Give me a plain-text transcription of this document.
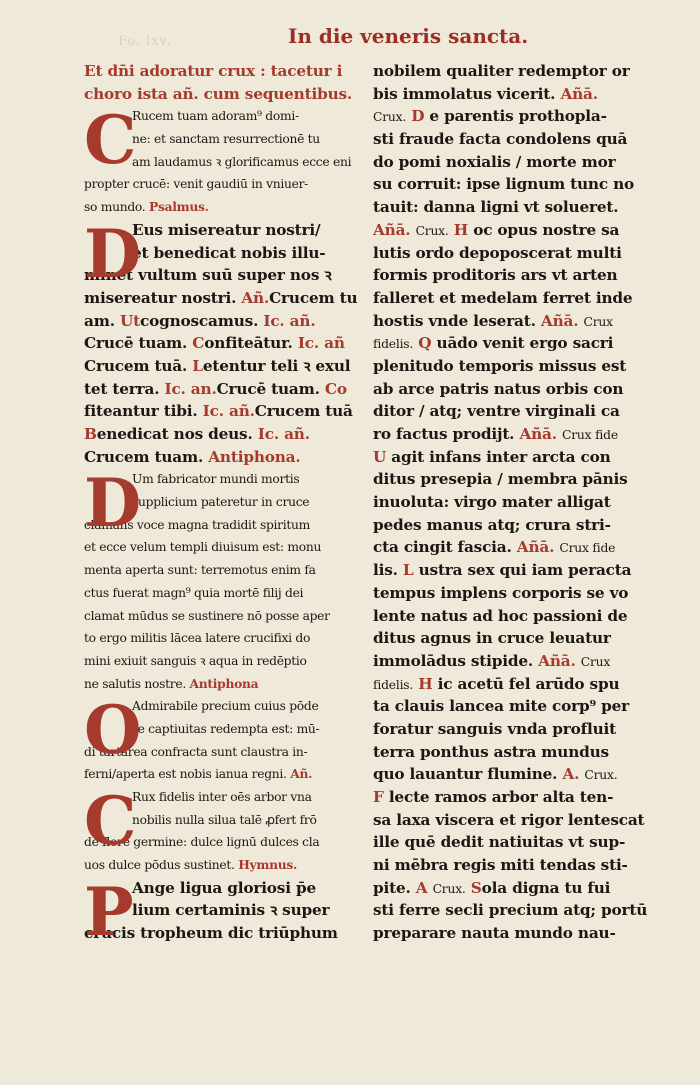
Fo. lxv.	In die veneris sancta.
Et dn̄i adoratur crux : tacetur i
choro ista añ. cum sequentibus.
C
Rucem tuam adoram⁹ domi-
ne: et sanctam resurrectionē tu
am laudamus ꝛ glorificamus ecce eni
propter crucē: venit gaudiū in vniuer-
so mundo. Psalmus.
D
Eus misereatur nostri/
et benedicat nobis illu-
minet vultum suū super nos ꝛ
misereatur nostri. Añ.Crucem tu
am. Utcognoscamus. Ic. añ.
Crucē tuam. Confiteātur. Ic. añ
Crucem tuā. Letentur teli ꝛ exul
tet terra. Ic. an.Crucē tuam. Co
fiteantur tibi. Ic. añ.Crucem tuā
Benedicat nos deus. Ic. añ.
Crucem tuam. Antiphona.
D
Um fabricator mundi mortis
supplicium pateretur in cruce
clamans voce magna tradidit spiritum
et ecce velum templi diuisum est: monu
menta aperta sunt: terremotus enim fa
ctus fuerat magn⁹ quia mortē filij dei
clamat mūdus se sustinere nō posse aper
to ergo militis lācea latere crucifixi do
mini exiuit sanguis ꝛ aqua in redēptio
ne salutis nostre. Antiphona
O
Admirabile precium cuius pōde
re captiuitas redempta est: mū-
di tartarea confracta sunt claustra in-
ferni/aperta est nobis ianua regni. Añ.
C
Rux fidelis inter oēs arbor vna
nobilis nulla silua talē ꝓfert frō
de flore germine: dulce lignū dulces cla
uos dulce pōdus sustinet. Hymnus.
P
Ange ligua gloriosi p̄e
lium certaminis ꝛ super
crucis tropheum dic triūphum
nobilem qualiter redemptor or
bis immolatus vicerit. Añā.
Crux. D e parentis prothopla-
sti fraude facta condolens quā
do pomi noxialis / morte mor
su corruit: ipse lignum tunc no
tauit: danna ligni vt solueret.
Añā. Crux. H oc opus nostre sa
lutis ordo depoposcerat multi
formis proditoris ars vt arten
falleret et medelam ferret inde
hostis vnde leserat. Añā. Crux
fidelis. Q uādo venit ergo sacri
plenitudo temporis missus est
ab arce patris natus orbis con
ditor / atq; ventre virginali ca
ro factus prodijt. Añā. Crux fide
U agit infans inter arcta con
ditus presepia / membra pānis
inuoluta: virgo mater alligat
pedes manus atq; crura stri-
cta cingit fascia. Añā. Crux fide
lis. L ustra sex qui iam peracta
tempus implens corporis se vo
lente natus ad hoc passioni de
ditus agnus in cruce leuatur
immolādus stipide. Añā. Crux
fidelis. H ic acetū fel arūdo spu
ta clauis lancea mite corp⁹ per
foratur sanguis vnda profluit
terra ponthus astra mundus
quo lauantur flumine. A. Crux.
F lecte ramos arbor alta ten-
sa laxa viscera et rigor lentescat
ille quē dedit natiuitas vt sup-
ni mēbra regis miti tendas sti-
pite. A Crux. Sola digna tu fui
sti ferre secli precium atq; portū
preparare nauta mundo nau-
